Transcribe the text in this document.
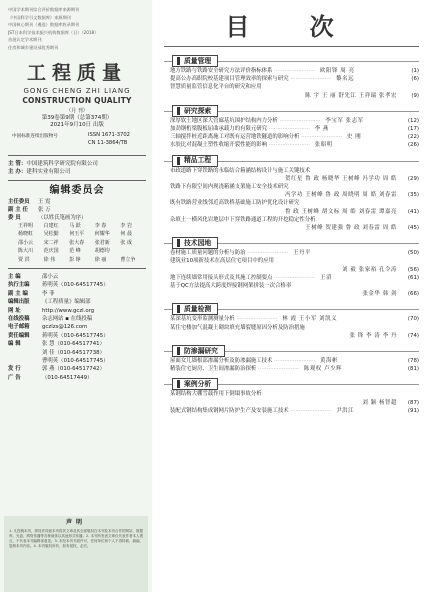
中国学术期刊综合评价数据库来源期刊
《中国科学引文数据库》来源期刊
中国核心期刊（遴选）数据库收录期刊
JST日本科学技术振兴机构数据库（日）（2018）
首批认定学术期刊
住房和城乡建设部优秀期刊
工程质量
GONG CHENG ZHI LIANG
CONSTRUCTION QUALITY
（月 刊）
第39卷第9期（总第374期）
2021年9月10日 出版
中国标准连续出版物号	ISSN 1671-3702
CN 11-3864/TB
主 管：中国建筑科学研究院有限公司
主 办：建科实业有限公司
编辑委员会
主任委员 王 霓
副 主 任 张 万
委 员	（以姓氏笔画为序）
王祥明	白建红	马 跃	李 春	李 岩
杨晓虹	吴松勤	何玉平	何耀华	何 晨
邵小云	宋二祥	张大春	张君新	张 成
陈大川	范庆国	范 峰	胡德均
贾 洪	徐 伟	彭 铮	徐 丽	曹立争
主 编	邵小云
执行主编 蒋明英（010-64517745）
副 主 编	李 菲
编辑出版 《工程质量》编辑部
网 址	http://www.gczl.org
在线投稿 杂志网站 ▪ 在线投稿
电子邮箱 gczlzs@126.com
责任编辑 蒋明英（010-64517745）
编 辑	张 慧（010-64517741）
刘 佳（010-64517738）
曹明英（010-64517745）
发 行	郭 燕（010-64517742）
广 告	（010-64517449）
声明
1. 凡投稿本刊，即视作同意本刊将其文章及其全部版权在本刊及本刊合作的网站、数据库、光盘、网络传播等各种载体以其他形式传播。2. 本刊所发表文章仅代表作者本人观点，不代表本刊编辑部意见。3. 未经本刊书面许可，任何单位和个人不得转载、摘编、复制本刊内容。4. 本刊版权所有，如有侵权，必究。
目 次
质量管理
地方铁路与铁路安全研究方法评价指标体系 ························ 欧阳锋 周 亮	(1)
提高公办高职院校基建项目管理效率的探索与研究 ························ 黎名远	(6)
智慧质量监管信息化平台的研究和应用
陈 宇 王 丽 舒先江 王祥瑞 张孝宏	(9)
研究探索
深厚软土地区深大管廊基坑围护结构内力分析 ························ 李宝军 张志军	(12)
加劲钢桁梁腹板屈曲承载力的有限元研究 ························ 李 燕	(17)
三轴搅拌桩近距离施工对既有运营地铁隧道的影响分析 ························ 史 刚	(22)
水胶比对混凝土塑性收缩开裂性能的影响 ························ 张昭明	(26)
精品工程
市政道路下穿铁路的永临结合箱涵结构设计与施工关键技术
贺红星 鲁 政 杨晓华 王树峰 冯学功 周 皓 (29)
铁路下有限空间内现浇箱涵支架施工安全技术研究
冯学功 王树峰 鲁 政 周晓明 周 皓 刘春雷 (35)
既有铁路营业线邻近高铁桥基础施工防护优化设计研究
鲁 政 王树峰 胡文标 周 皓 刘春雷 谭嘉亮 (41)
杂填土一横风化岩地层中下穿铁路通道工程的开挖稳定性分析
王树峰 贺建强 鲁 政 刘春雷 周 皓 (45)
技术园地
卷材施工质量问题的分析与防治 ························ 王丹平	(50)
建筑业10项新技术在高层住宅项目中的应用
刘 毅 张家裕 孔令涛 (56)
地下连续墙常用接头形式及其施工控制要点 ························ 王滔	(61)
基于QC方法提高大跨度焊接钢网架拼装一次合格率
张金华 韩 剑 (66)
质量检测
某深基坑变形监测测量分析 ························ 林 霞 王小军 刘凯义	(70)
某住宅楼加气混凝土砌块填充墙裂缝原因分析及防治措施
张 锋 李 涛 李 丹 (74)
防渗漏研究
屋面女儿墙根部渗漏分析及防渗漏施工技术 ························ 黄海彬	(78)
精装住宅厨房、卫生间渗漏防治探析 ························ 陈观权 卢少辉	(81)
案例分析
某钢结构大棚雪载作用下倒塌事故分析
刘 颖 杨智超 (87)
装配式钢结构集成钢网片防护生产及安装施工技术 ························ 尹洪江	(91)
